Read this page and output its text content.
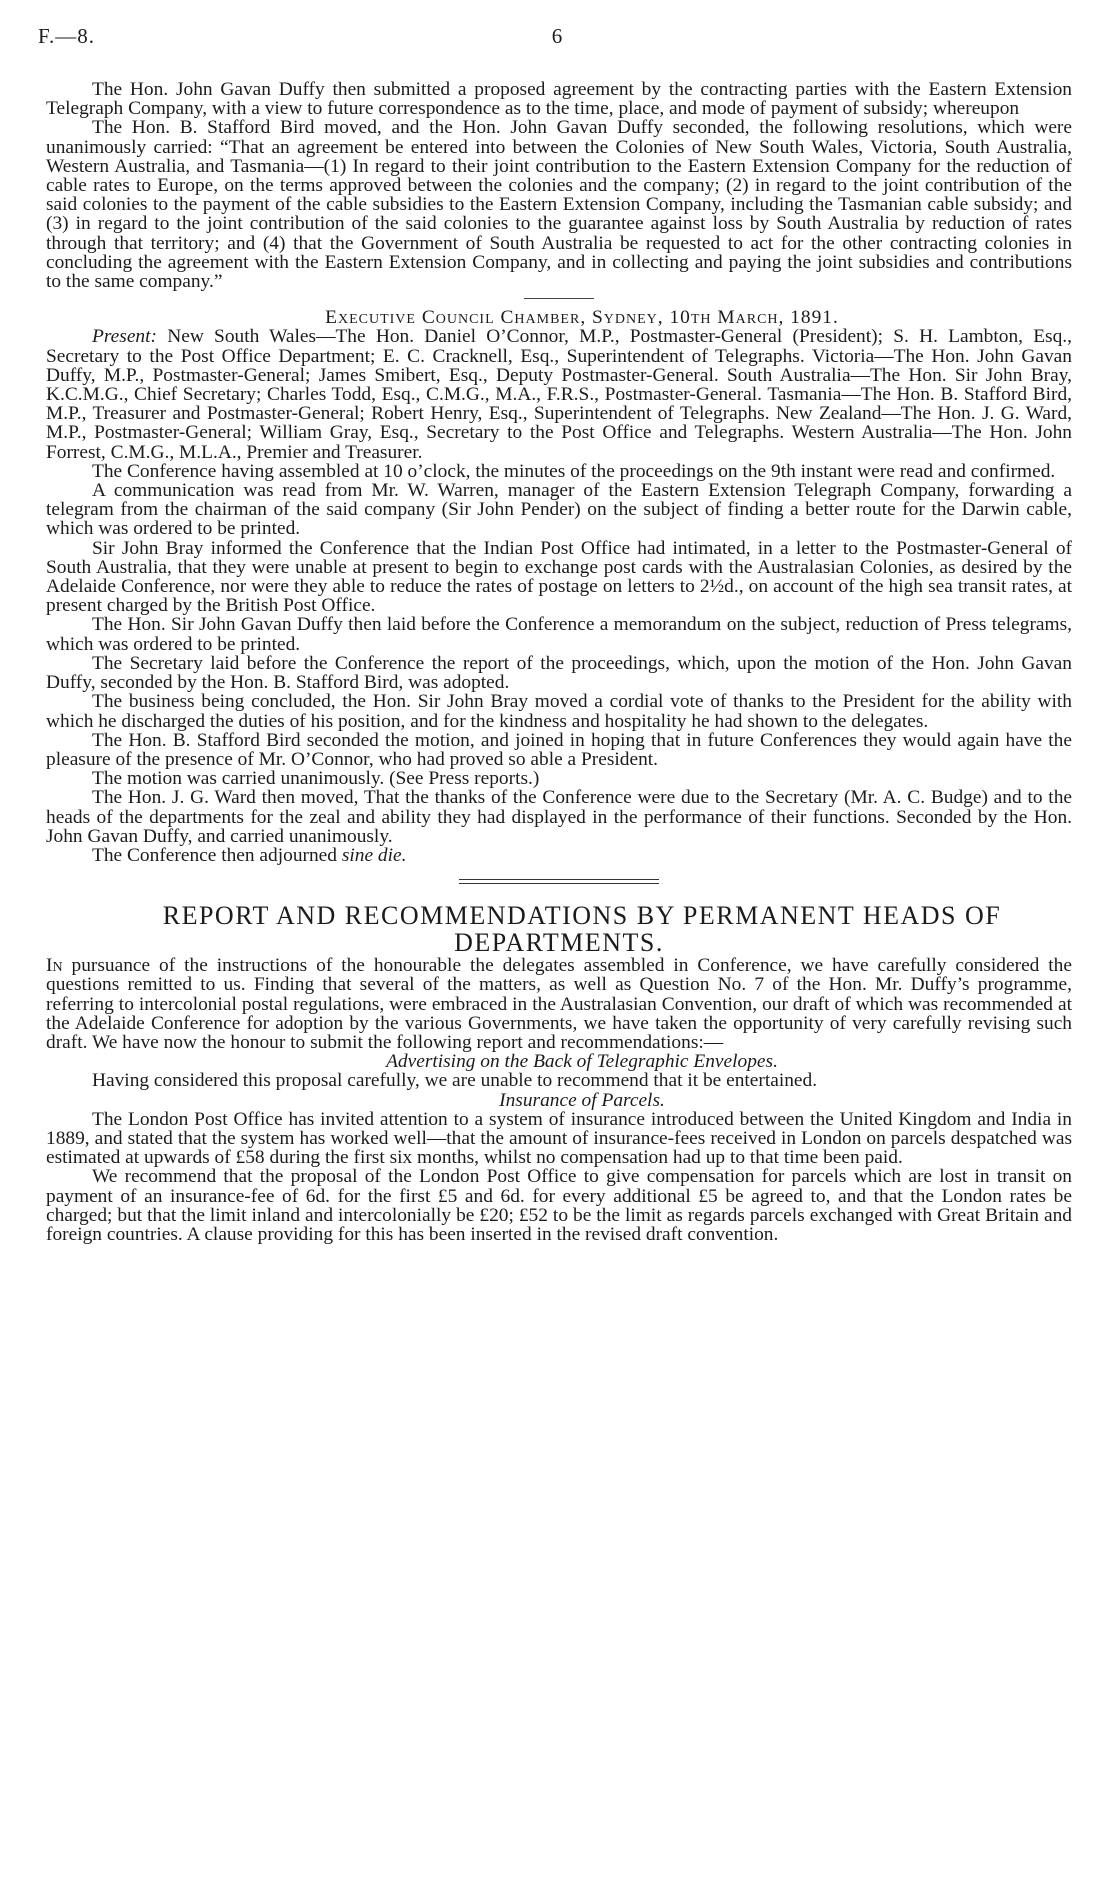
F.—8.	6

The Hon. John Gavan Duffy then submitted a proposed agreement by the contracting parties with the Eastern Extension Telegraph Company, with a view to future correspondence as to the time, place, and mode of payment of subsidy; whereupon

The Hon. B. Stafford Bird moved, and the Hon. John Gavan Duffy seconded, the following resolutions, which were unanimously carried: “That an agreement be entered into between the Colonies of New South Wales, Victoria, South Australia, Western Australia, and Tasmania—(1) In regard to their joint contribution to the Eastern Extension Company for the reduction of cable rates to Europe, on the terms approved between the colonies and the company; (2) in regard to the joint contribution of the said colonies to the payment of the cable subsidies to the Eastern Extension Company, including the Tasmanian cable subsidy; and (3) in regard to the joint contribution of the said colonies to the guarantee against loss by South Australia by reduction of rates through that territory; and (4) that the Government of South Australia be requested to act for the other contracting colonies in concluding the agreement with the Eastern Extension Company, and in collecting and paying the joint subsidies and contributions to the same company.”

Executive Council Chamber, Sydney, 10th March, 1891.

Present: New South Wales—The Hon. Daniel O’Connor, M.P., Postmaster-General (President); S. H. Lambton, Esq., Secretary to the Post Office Department; E. C. Cracknell, Esq., Superintendent of Telegraphs. Victoria—The Hon. John Gavan Duffy, M.P., Postmaster-General; James Smibert, Esq., Deputy Postmaster-General. South Australia—The Hon. Sir John Bray, K.C.M.G., Chief Secretary; Charles Todd, Esq., C.M.G., M.A., F.R.S., Postmaster-General. Tasmania—The Hon. B. Stafford Bird, M.P., Treasurer and Postmaster-General; Robert Henry, Esq., Superintendent of Telegraphs. New Zealand—The Hon. J. G. Ward, M.P., Postmaster-General; William Gray, Esq., Secretary to the Post Office and Telegraphs. Western Australia—The Hon. John Forrest, C.M.G., M.L.A., Premier and Treasurer.

The Conference having assembled at 10 o’clock, the minutes of the proceedings on the 9th instant were read and confirmed.

A communication was read from Mr. W. Warren, manager of the Eastern Extension Telegraph Company, forwarding a telegram from the chairman of the said company (Sir John Pender) on the subject of finding a better route for the Darwin cable, which was ordered to be printed.

Sir John Bray informed the Conference that the Indian Post Office had intimated, in a letter to the Postmaster-General of South Australia, that they were unable at present to begin to exchange post cards with the Australasian Colonies, as desired by the Adelaide Conference, nor were they able to reduce the rates of postage on letters to 2½d., on account of the high sea transit rates, at present charged by the British Post Office.

The Hon. Sir John Gavan Duffy then laid before the Conference a memorandum on the subject, reduction of Press telegrams, which was ordered to be printed.

The Secretary laid before the Conference the report of the proceedings, which, upon the motion of the Hon. John Gavan Duffy, seconded by the Hon. B. Stafford Bird, was adopted.

The business being concluded, the Hon. Sir John Bray moved a cordial vote of thanks to the President for the ability with which he discharged the duties of his position, and for the kindness and hospitality he had shown to the delegates.

The Hon. B. Stafford Bird seconded the motion, and joined in hoping that in future Conferences they would again have the pleasure of the presence of Mr. O’Connor, who had proved so able a President.

The motion was carried unanimously. (See Press reports.)

The Hon. J. G. Ward then moved, That the thanks of the Conference were due to the Secretary (Mr. A. C. Budge) and to the heads of the departments for the zeal and ability they had displayed in the performance of their functions. Seconded by the Hon. John Gavan Duffy, and carried unanimously.

The Conference then adjourned sine die.

REPORT AND RECOMMENDATIONS BY PERMANENT HEADS OF DEPARTMENTS.

In pursuance of the instructions of the honourable the delegates assembled in Conference, we have carefully considered the questions remitted to us. Finding that several of the matters, as well as Question No. 7 of the Hon. Mr. Duffy’s programme, referring to intercolonial postal regulations, were embraced in the Australasian Convention, our draft of which was recommended at the Adelaide Conference for adoption by the various Governments, we have taken the opportunity of very carefully revising such draft. We have now the honour to submit the following report and recommendations:—

Advertising on the Back of Telegraphic Envelopes.

Having considered this proposal carefully, we are unable to recommend that it be entertained.

Insurance of Parcels.

The London Post Office has invited attention to a system of insurance introduced between the United Kingdom and India in 1889, and stated that the system has worked well—that the amount of insurance-fees received in London on parcels despatched was estimated at upwards of £58 during the first six months, whilst no compensation had up to that time been paid.

We recommend that the proposal of the London Post Office to give compensation for parcels which are lost in transit on payment of an insurance-fee of 6d. for the first £5 and 6d. for every additional £5 be agreed to, and that the London rates be charged; but that the limit inland and intercolonially be £20; £52 to be the limit as regards parcels exchanged with Great Britain and foreign countries. A clause providing for this has been inserted in the revised draft convention.
